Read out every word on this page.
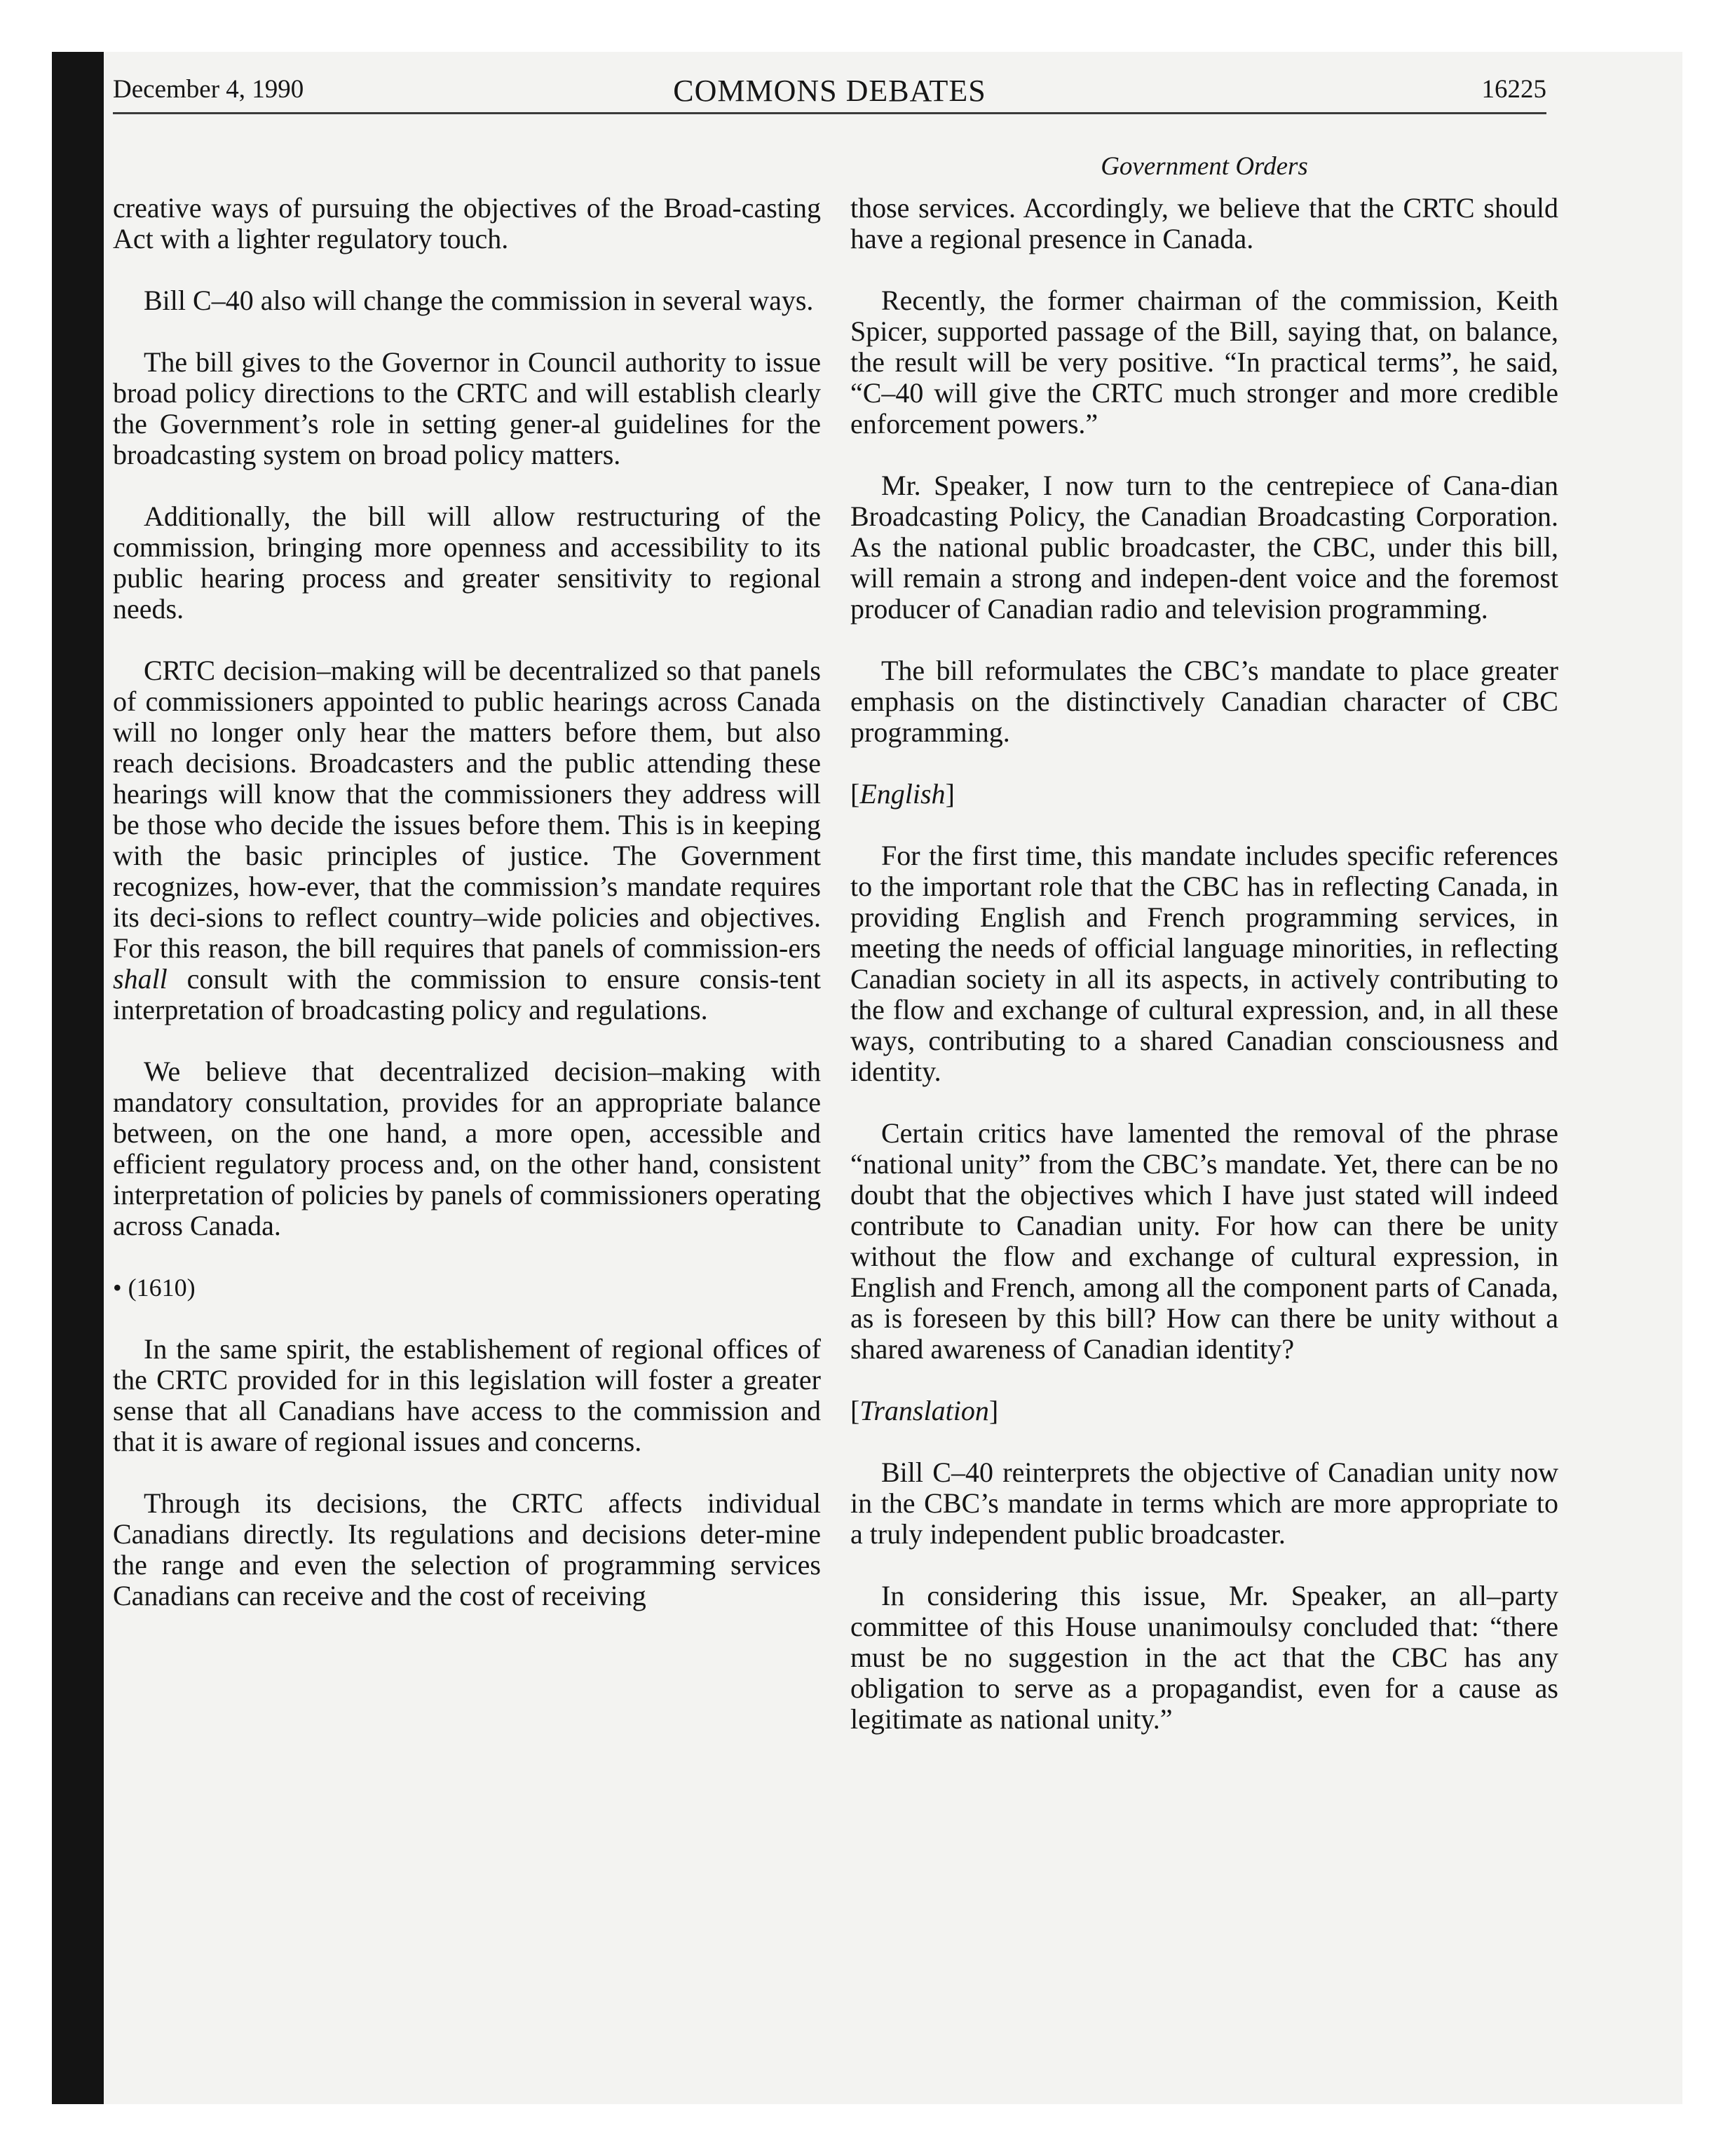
December 4, 1990	COMMONS DEBATES	16225
Government Orders

creative ways of pursuing the objectives of the Broad-casting Act with a lighter regulatory touch.

Bill C–40 also will change the commission in several ways.

The bill gives to the Governor in Council authority to issue broad policy directions to the CRTC and will establish clearly the Government’s role in setting gener-al guidelines for the broadcasting system on broad policy matters.

Additionally, the bill will allow restructuring of the commission, bringing more openness and accessibility to its public hearing process and greater sensitivity to regional needs.

CRTC decision–making will be decentralized so that panels of commissioners appointed to public hearings across Canada will no longer only hear the matters before them, but also reach decisions. Broadcasters and the public attending these hearings will know that the commissioners they address will be those who decide the issues before them. This is in keeping with the basic principles of justice. The Government recognizes, how-ever, that the commission’s mandate requires its deci-sions to reflect country–wide policies and objectives. For this reason, the bill requires that panels of commission-ers shall consult with the commission to ensure consis-tent interpretation of broadcasting policy and regulations.

We believe that decentralized decision–making with mandatory consultation, provides for an appropriate balance between, on the one hand, a more open, accessible and efficient regulatory process and, on the other hand, consistent interpretation of policies by panels of commissioners operating across Canada.

• (1610)

In the same spirit, the establishement of regional offices of the CRTC provided for in this legislation will foster a greater sense that all Canadians have access to the commission and that it is aware of regional issues and concerns.

Through its decisions, the CRTC affects individual Canadians directly. Its regulations and decisions deter-mine the range and even the selection of programming services Canadians can receive and the cost of receiving

those services. Accordingly, we believe that the CRTC should have a regional presence in Canada.

Recently, the former chairman of the commission, Keith Spicer, supported passage of the Bill, saying that, on balance, the result will be very positive. “In practical terms”, he said, “C–40 will give the CRTC much stronger and more credible enforcement powers.”

Mr. Speaker, I now turn to the centrepiece of Cana-dian Broadcasting Policy, the Canadian Broadcasting Corporation. As the national public broadcaster, the CBC, under this bill, will remain a strong and indepen-dent voice and the foremost producer of Canadian radio and television programming.

The bill reformulates the CBC’s mandate to place greater emphasis on the distinctively Canadian character of CBC programming.

[English]

For the first time, this mandate includes specific references to the important role that the CBC has in reflecting Canada, in providing English and French programming services, in meeting the needs of official language minorities, in reflecting Canadian society in all its aspects, in actively contributing to the flow and exchange of cultural expression, and, in all these ways, contributing to a shared Canadian consciousness and identity.

Certain critics have lamented the removal of the phrase “national unity” from the CBC’s mandate. Yet, there can be no doubt that the objectives which I have just stated will indeed contribute to Canadian unity. For how can there be unity without the flow and exchange of cultural expression, in English and French, among all the component parts of Canada, as is foreseen by this bill? How can there be unity without a shared awareness of Canadian identity?

[Translation]

Bill C–40 reinterprets the objective of Canadian unity now in the CBC’s mandate in terms which are more appropriate to a truly independent public broadcaster.

In considering this issue, Mr. Speaker, an all–party committee of this House unanimoulsy concluded that: “there must be no suggestion in the act that the CBC has any obligation to serve as a propagandist, even for a cause as legitimate as national unity.”
